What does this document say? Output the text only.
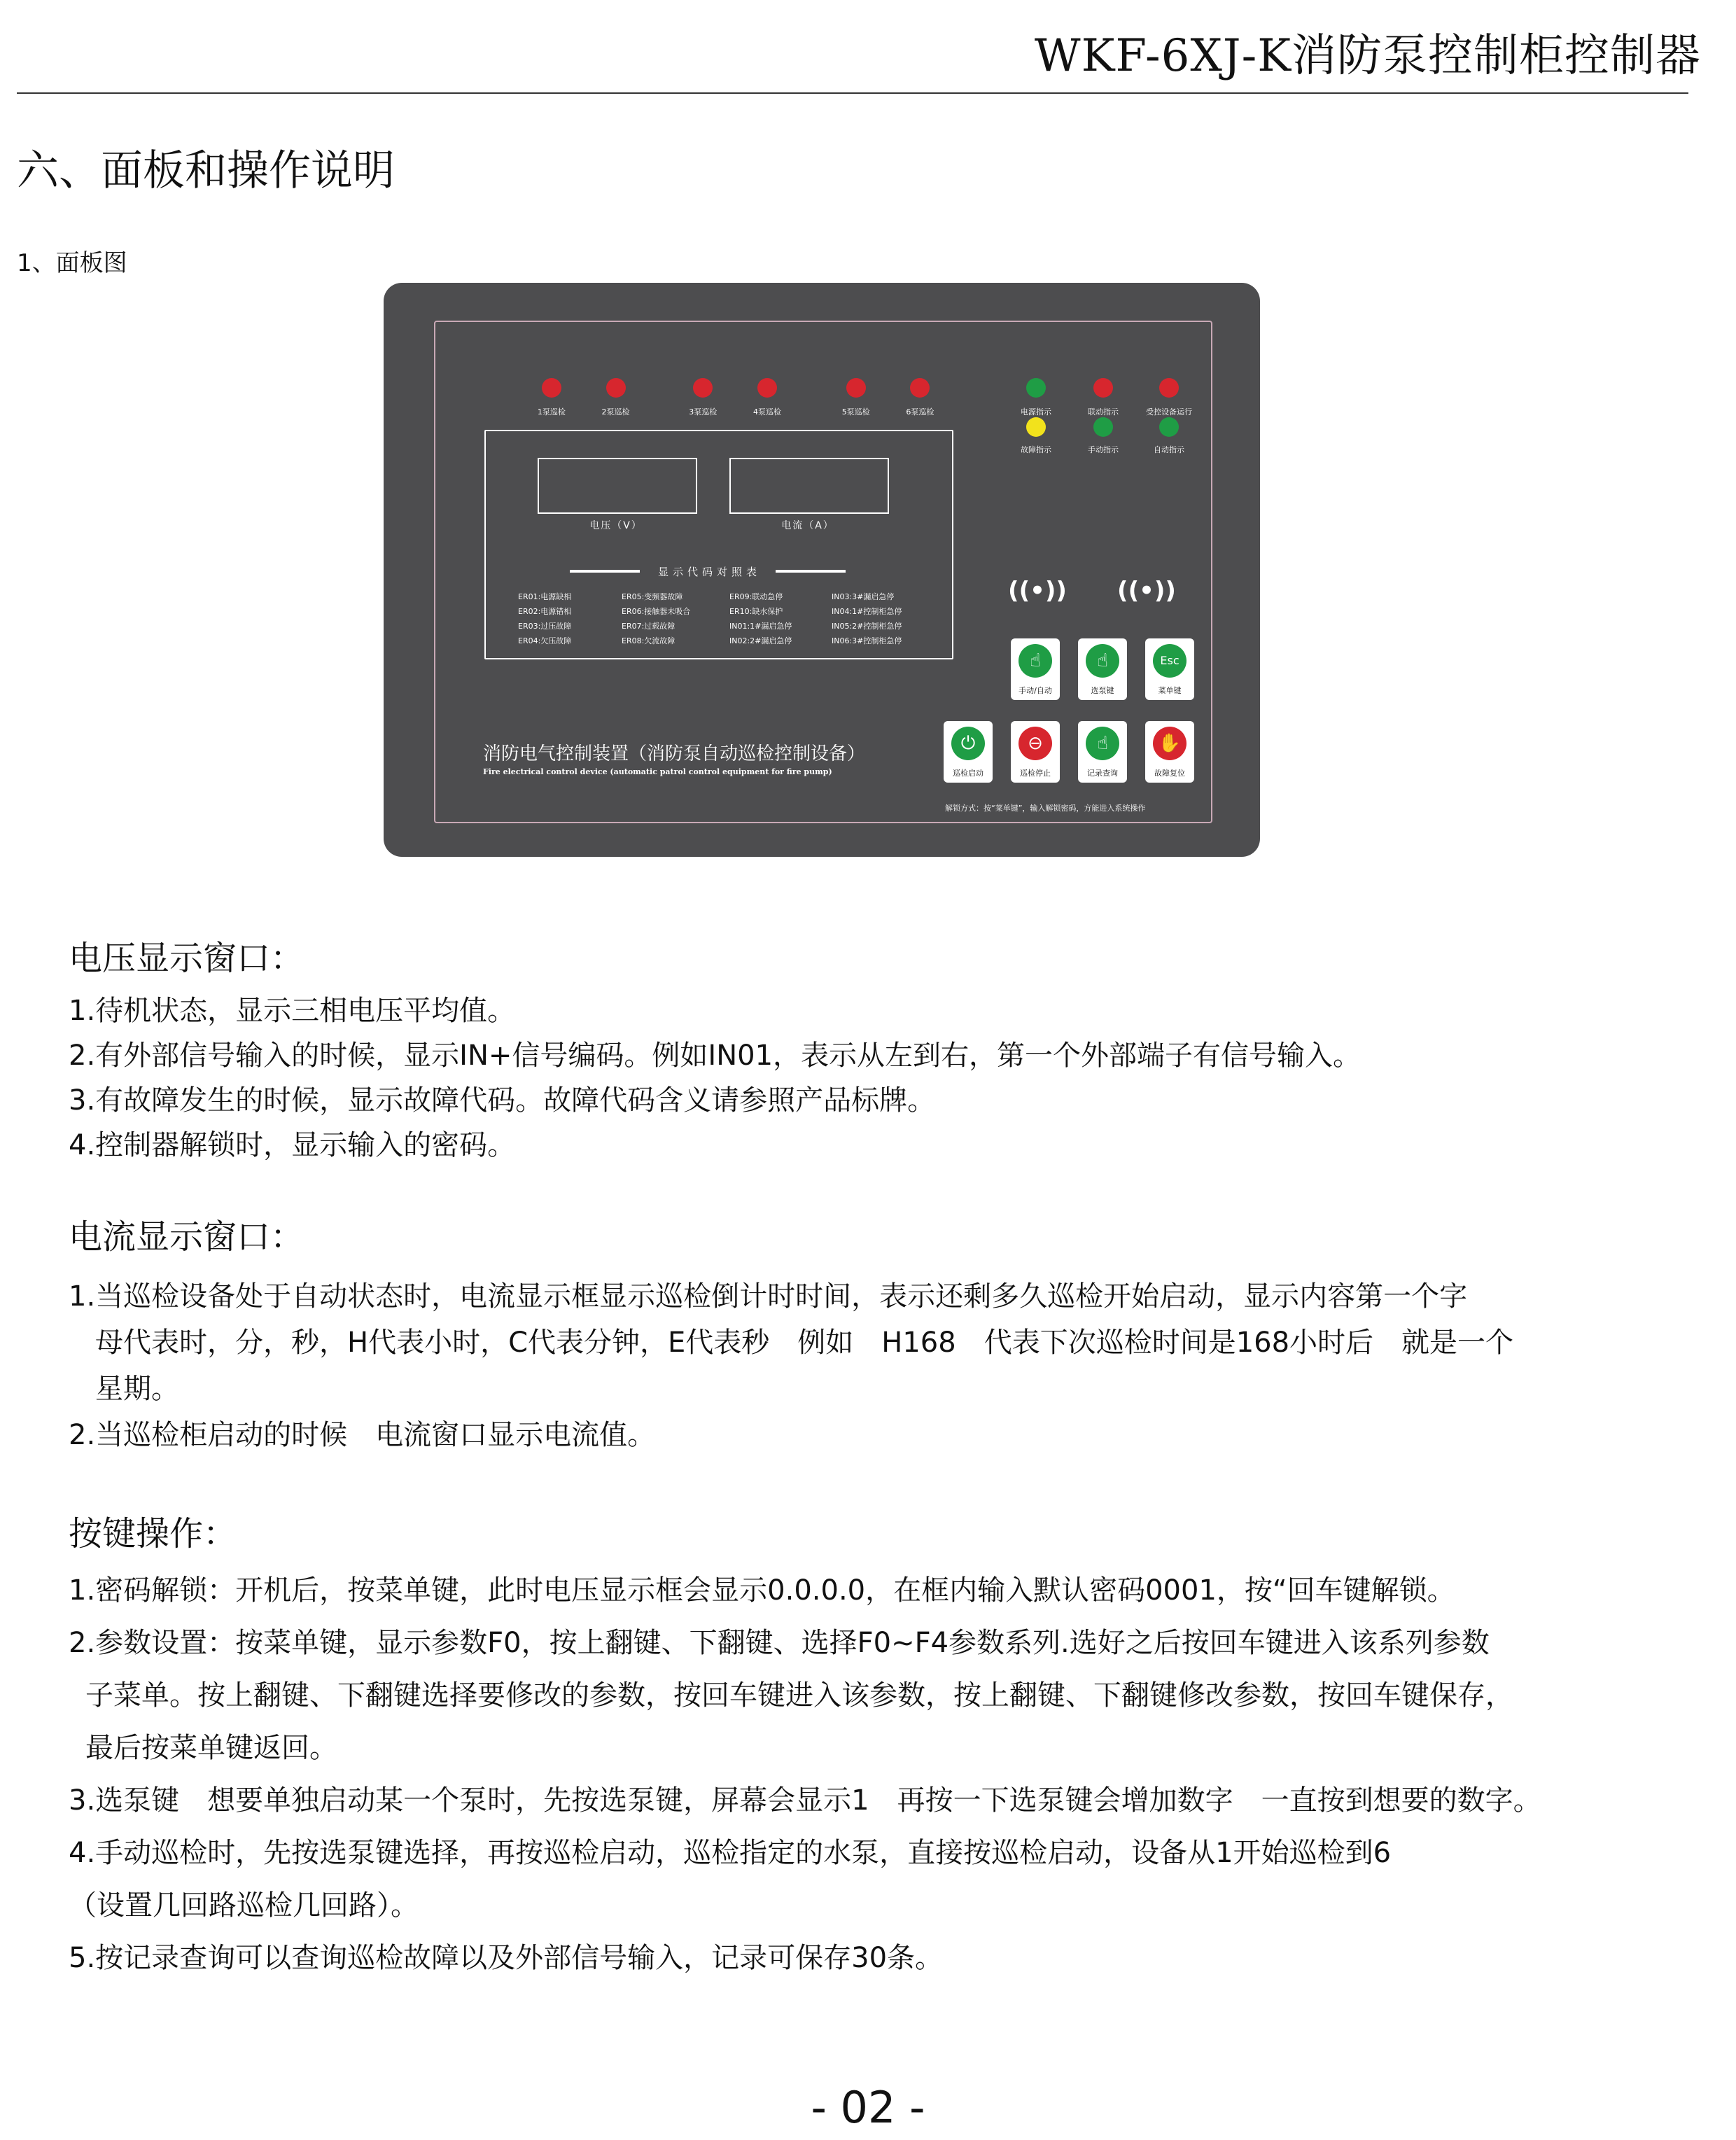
WKF-6XJ-K消防泵控制柜控制器
六、面板和操作说明
1、面板图
1泵巡检	2泵巡检	3泵巡检	4泵巡检	5泵巡检	6泵巡检	电源指示	联动指示	受控设备运行
故障指示	手动指示	自动指示
电压（V）	电流（A）
显示代码对照表
ER01:电源缺相	ER05:变频器故障	ER09:联动急停	IN03:3#漏启急停
ER02:电源错相	ER06:接触器未吸合	ER10:缺水保护	IN04:1#控制柜急停
ER03:过压故障	ER07:过载故障	IN01:1#漏启急停	IN05:2#控制柜急停
ER04:欠压故障	ER08:欠流故障	IN02:2#漏启急停	IN06:3#控制柜急停
((•)) ((•))
☝
手动/自动
☝
选泵键
Esc
菜单键
⏻
巡检启动
⊖
巡检停止
☝
记录查询
✋
故障复位
消防电气控制装置（消防泵自动巡检控制设备）
Fire electrical control device (automatic patrol control equipment for fire pump)
解锁方式：按“菜单键”，输入解锁密码，方能进入系统操作
电压显示窗口：
1.待机状态，显示三相电压平均值。
2.有外部信号输入的时候，显示IN+信号编码。例如IN01，表示从左到右，第一个外部端子有信号输入。
3.有故障发生的时候，显示故障代码。故障代码含义请参照产品标牌。
4.控制器解锁时，显示输入的密码。
电流显示窗口：
1.当巡检设备处于自动状态时，电流显示框显示巡检倒计时时间，表示还剩多久巡检开始启动，显示内容第一个字
母代表时，分，秒，H代表小时，C代表分钟，E代表秒　例如　H168　代表下次巡检时间是168小时后　就是一个
星期。
2.当巡检柜启动的时候　电流窗口显示电流值。
按键操作：
1.密码解锁：开机后，按菜单键，此时电压显示框会显示0.0.0.0，在框内输入默认密码0001，按“回车键解锁。
2.参数设置：按菜单键，显示参数F0，按上翻键、下翻键、选择F0~F4参数系列.选好之后按回车键进入该系列参数
子菜单。按上翻键、下翻键选择要修改的参数，按回车键进入该参数，按上翻键、下翻键修改参数，按回车键保存，
最后按菜单键返回。
3.选泵键　想要单独启动某一个泵时，先按选泵键，屏幕会显示1　再按一下选泵键会增加数字　一直按到想要的数字。
4.手动巡检时，先按选泵键选择，再按巡检启动，巡检指定的水泵，直接按巡检启动，设备从1开始巡检到6
（设置几回路巡检几回路）。
5.按记录查询可以查询巡检故障以及外部信号输入，记录可保存30条。
- 02 -
